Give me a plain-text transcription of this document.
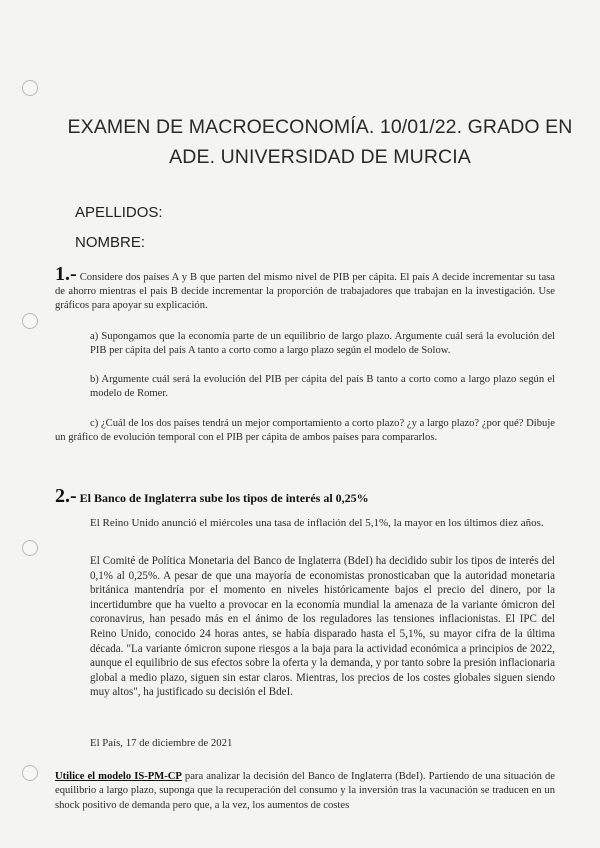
EXAMEN DE MACROECONOMÍA. 10/01/22. GRADO EN
ADE. UNIVERSIDAD DE MURCIA
APELLIDOS:
NOMBRE:
1.- Considere dos países A y B que parten del mismo nivel de PIB per cápita. El país A decide incrementar su tasa de ahorro mientras el país B decide incrementar la proporción de trabajadores que trabajan en la investigación. Use gráficos para apoyar su explicación.
a) Supongamos que la economía parte de un equilibrio de largo plazo. Argumente cuál será la evolución del PIB per cápita del país A tanto a corto como a largo plazo según el modelo de Solow.
b) Argumente cuál será la evolución del PIB per cápita del país B tanto a corto como a largo plazo según el modelo de Romer.
c) ¿Cuál de los dos países tendrá un mejor comportamiento a corto plazo? ¿y a largo plazo? ¿por qué? Dibuje un gráfico de evolución temporal con el PIB per cápita de ambos países para compararlos.
2.- El Banco de Inglaterra sube los tipos de interés al 0,25%
El Reino Unido anunció el miércoles una tasa de inflación del 5,1%, la mayor en los últimos diez años.
El Comité de Política Monetaria del Banco de Inglaterra (BdeI) ha decidido subir los tipos de interés del 0,1% al 0,25%. A pesar de que una mayoría de economistas pronosticaban que la autoridad monetaria británica mantendría por el momento en niveles históricamente bajos el precio del dinero, por la incertidumbre que ha vuelto a provocar en la economía mundial la amenaza de la variante ómicron del coronavirus, han pesado más en el ánimo de los reguladores las tensiones inflacionistas. El IPC del Reino Unido, conocido 24 horas antes, se había disparado hasta el 5,1%, su mayor cifra de la última década. "La variante ómicron supone riesgos a la baja para la actividad económica a principios de 2022, aunque el equilibrio de sus efectos sobre la oferta y la demanda, y por tanto sobre la presión inflacionaria global a medio plazo, siguen sin estar claros. Mientras, los precios de los costes globales siguen siendo muy altos", ha justificado su decisión el BdeI.
El País, 17 de diciembre de 2021
Utilice el modelo IS-PM-CP para analizar la decisión del Banco de Inglaterra (BdeI). Partiendo de una situación de equilibrio a largo plazo, suponga que la recuperación del consumo y la inversión tras la vacunación se traducen en un shock positivo de demanda pero que, a la vez, los aumentos de costes
